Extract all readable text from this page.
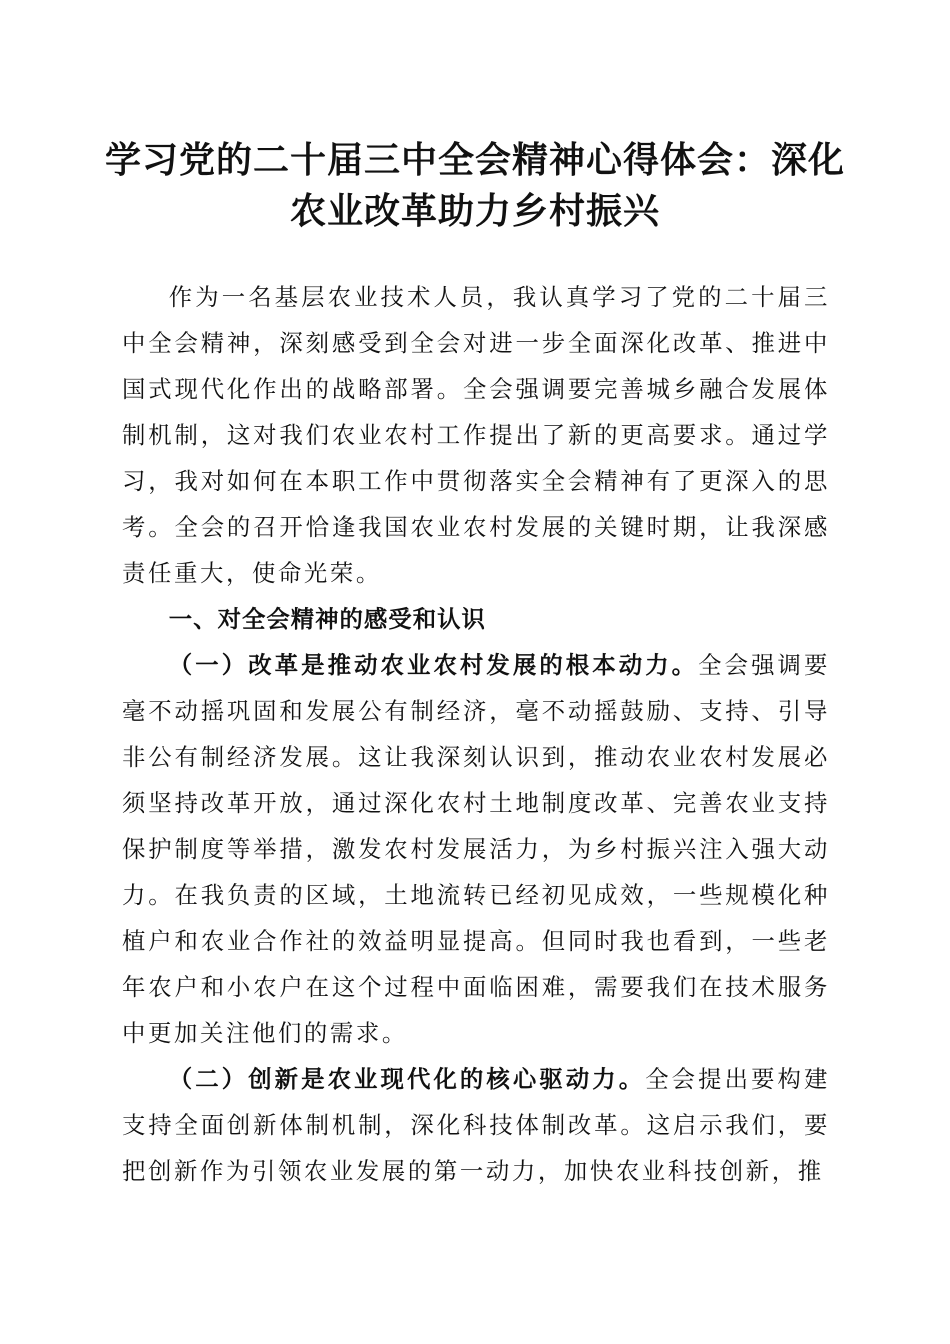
学习党的二十届三中全会精神心得体会：深化
农业改革助力乡村振兴

作为一名基层农业技术人员，我认真学习了党的二十届三中全会精神，深刻感受到全会对进一步全面深化改革、推进中国式现代化作出的战略部署。全会强调要完善城乡融合发展体制机制，这对我们农业农村工作提出了新的更高要求。通过学习，我对如何在本职工作中贯彻落实全会精神有了更深入的思考。全会的召开恰逢我国农业农村发展的关键时期，让我深感责任重大，使命光荣。

一、对全会精神的感受和认识

（一）改革是推动农业农村发展的根本动力。全会强调要毫不动摇巩固和发展公有制经济，毫不动摇鼓励、支持、引导非公有制经济发展。这让我深刻认识到，推动农业农村发展必须坚持改革开放，通过深化农村土地制度改革、完善农业支持保护制度等举措，激发农村发展活力，为乡村振兴注入强大动力。在我负责的区域，土地流转已经初见成效，一些规模化种植户和农业合作社的效益明显提高。但同时我也看到，一些老年农户和小农户在这个过程中面临困难，需要我们在技术服务中更加关注他们的需求。

（二）创新是农业现代化的核心驱动力。全会提出要构建支持全面创新体制机制，深化科技体制改革。这启示我们，要把创新作为引领农业发展的第一动力，加快农业科技创新，推
